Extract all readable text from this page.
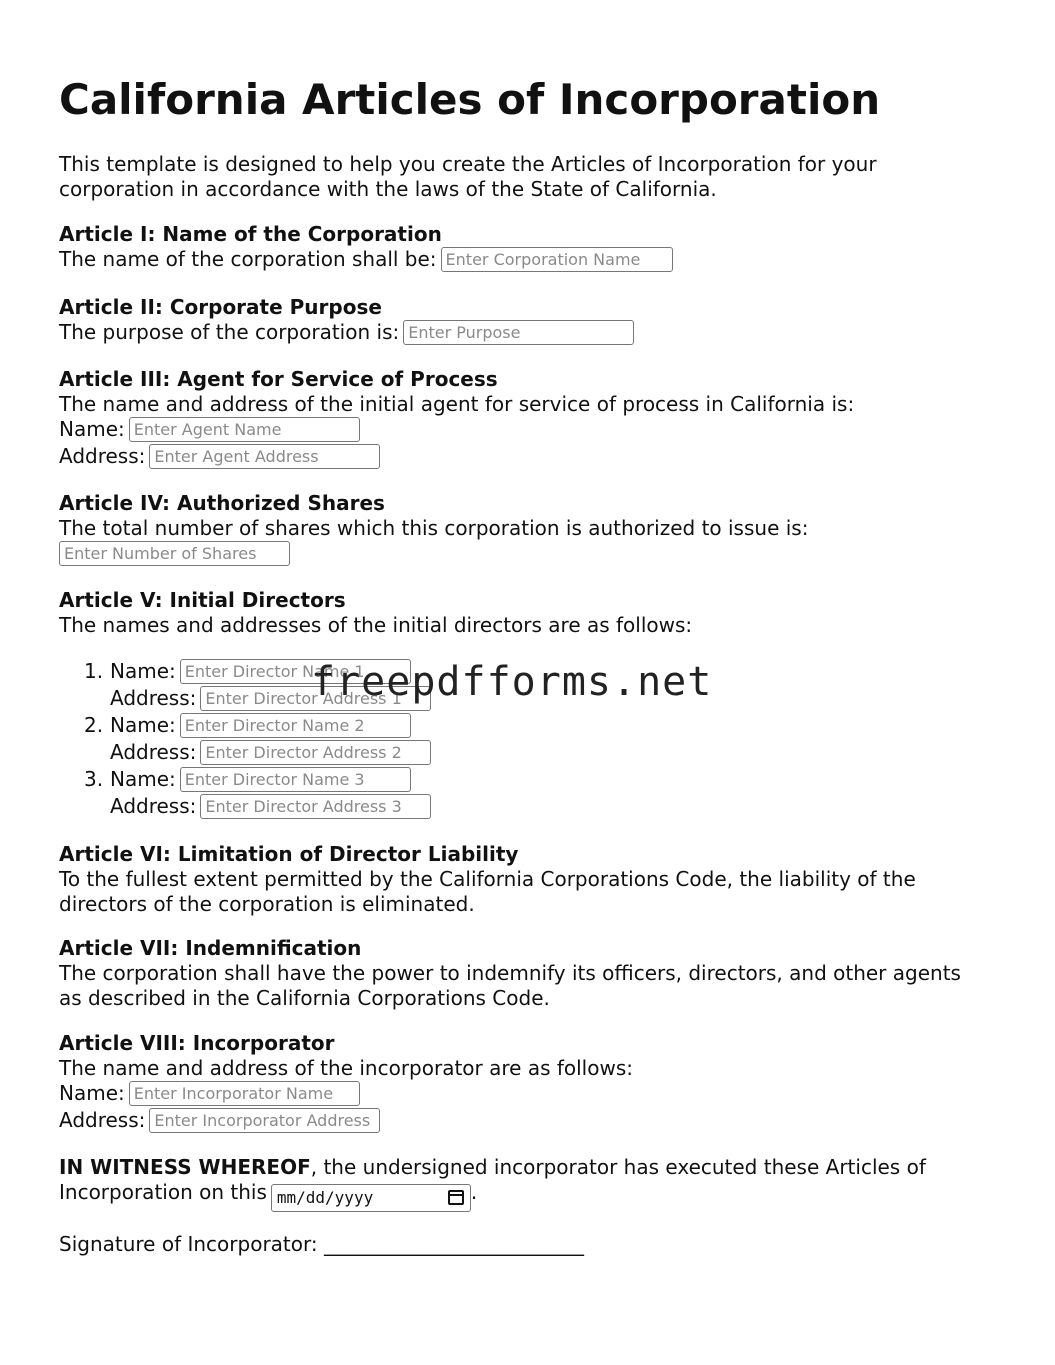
California Articles of Incorporation
This template is designed to help you create the Articles of Incorporation for your
corporation in accordance with the laws of the State of California.
Article I: Name of the Corporation
The name of the corporation shall be:Enter Corporation Name
Article II: Corporate Purpose
The purpose of the corporation is:Enter Purpose
Article III: Agent for Service of Process
The name and address of the initial agent for service of process in California is:
Name:Enter Agent Name
Address:Enter Agent Address
Article IV: Authorized Shares
The total number of shares which this corporation is authorized to issue is:
Enter Number of Shares
Article V: Initial Directors
The names and addresses of the initial directors are as follows:
1. Name:Enter Director Name 1
Address:Enter Director Address 1
2. Name:Enter Director Name 2
Address:Enter Director Address 2
3. Name:Enter Director Name 3
Address:Enter Director Address 3
Article VI: Limitation of Director Liability
To the fullest extent permitted by the California Corporations Code, the liability of the
directors of the corporation is eliminated.
Article VII: Indemnification
The corporation shall have the power to indemnify its officers, directors, and other agents
as described in the California Corporations Code.
Article VIII: Incorporator
The name and address of the incorporator are as follows:
Name:Enter Incorporator Name
Address:Enter Incorporator Address
IN WITNESS WHEREOF, the undersigned incorporator has executed these Articles of
Incorporation on this mm/dd/yyyy	.
Signature of Incorporator: __________________________
freepdfforms.net
